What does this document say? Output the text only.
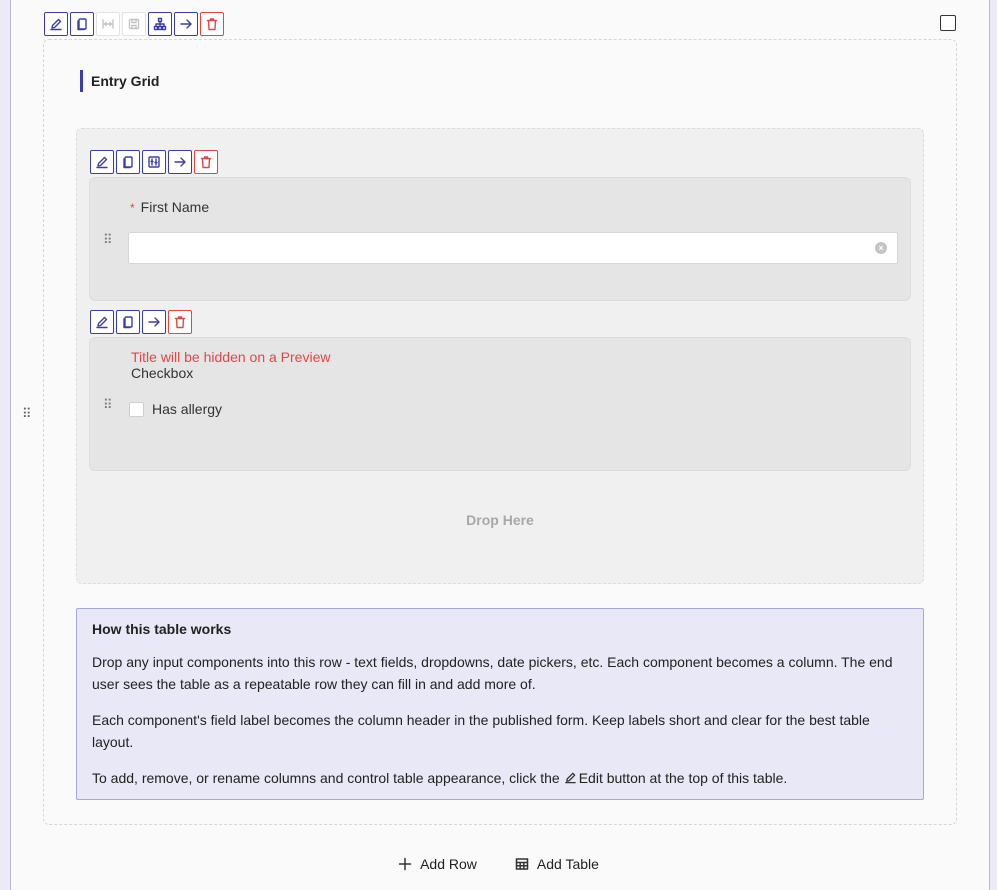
⠿
Entry Grid
⠿
* First Name
×
Title will be hidden on a Preview
Checkbox
⠿	Has allergy
Drop Here
How this table works

Drop any input components into this row - text fields, dropdowns, date pickers, etc. Each component becomes a column. The end user sees the table as a repeatable row they can fill in and add more of.

Each component's field label becomes the column header in the published form. Keep labels short and clear for the best table layout.

To add, remove, or rename columns and control table appearance, click the Edit button at the top of this table.

Add Row	Add Table
